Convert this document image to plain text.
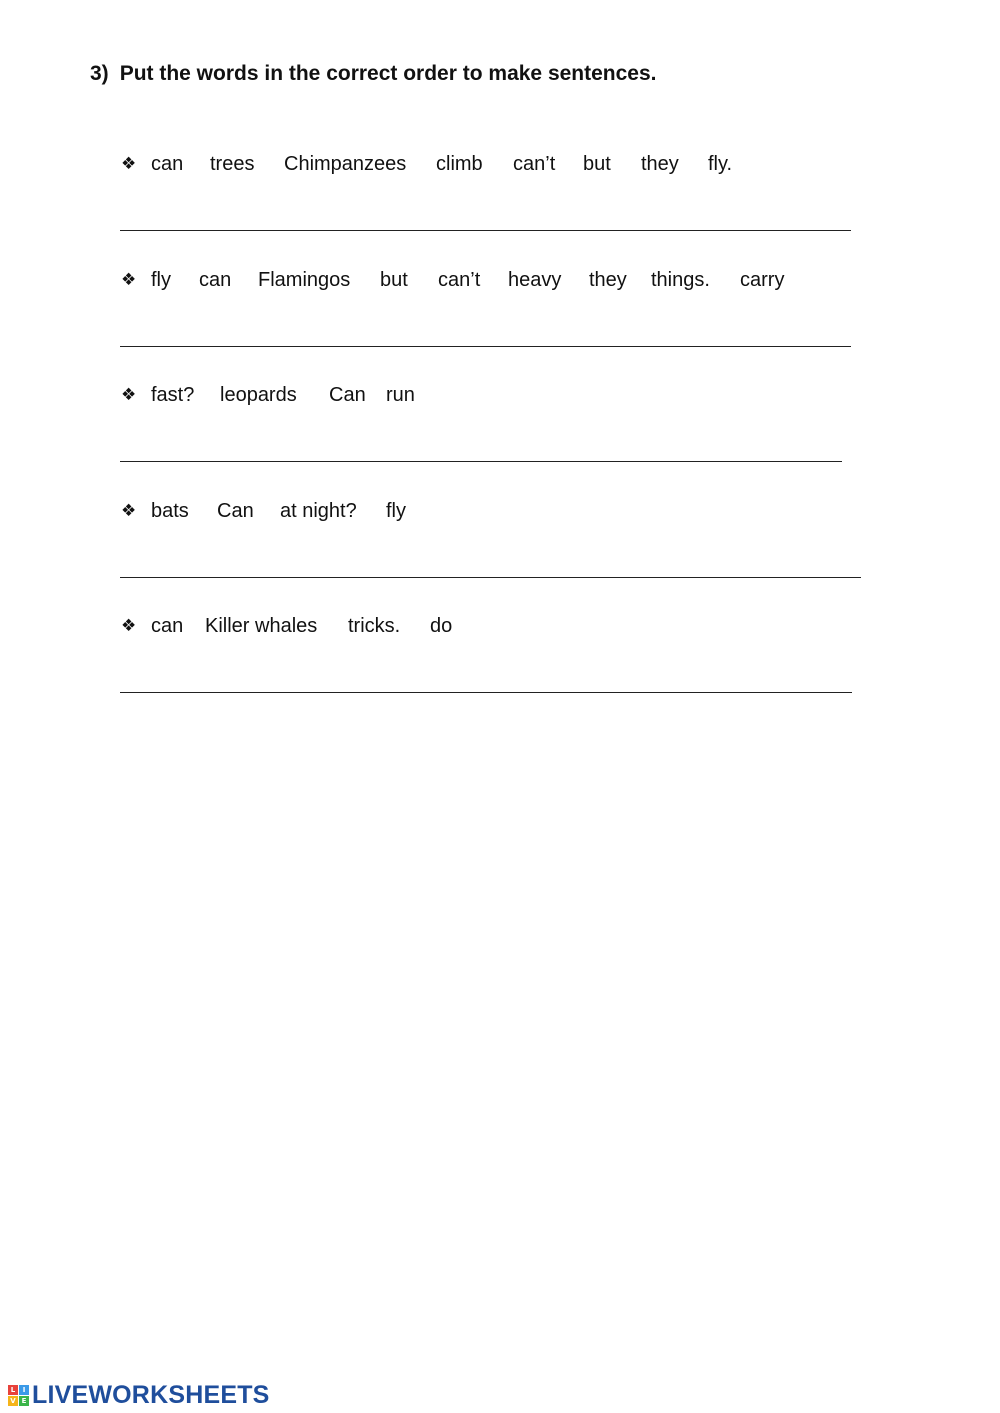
3) Put the words in the correct order to make sentences.
❖ can trees Chimpanzees climb can’t but they fly.
❖ fly can Flamingos but can’t heavy they things. carry
❖ fast? leopards Can run
❖ bats Can at night? fly
❖ can Killer whales tricks. do
L	I
V E LIVEWORKSHEETS
